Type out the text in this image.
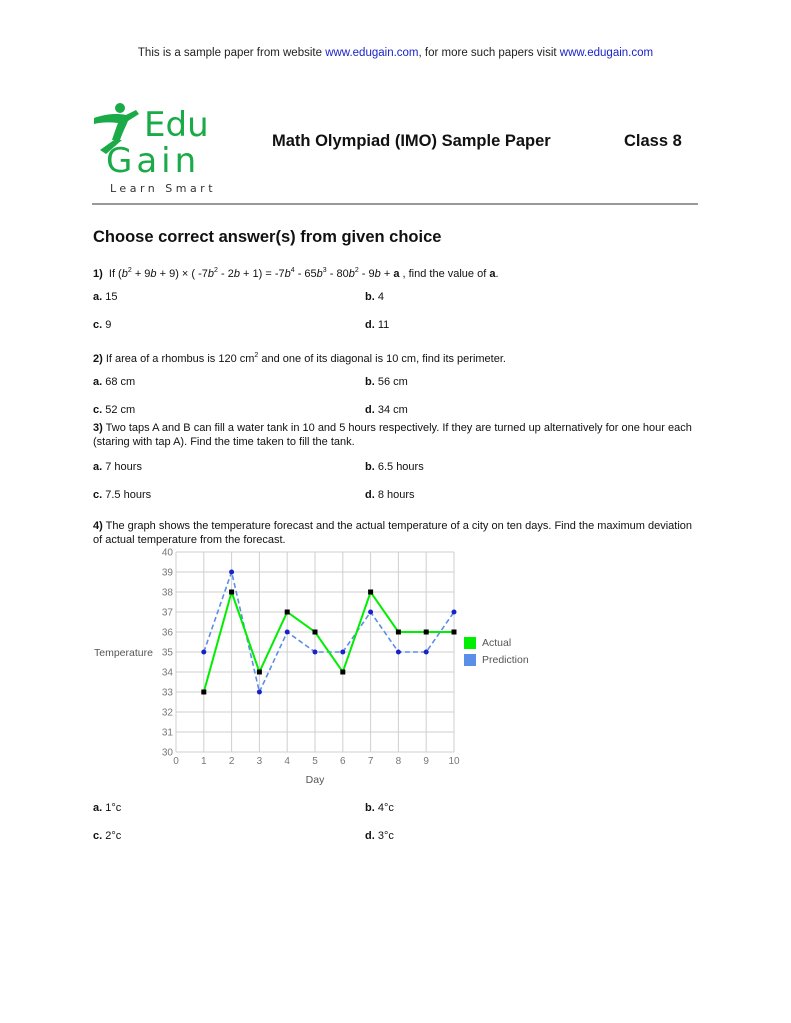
This is a sample paper from website www.edugain.com, for more such papers visit www.edugain.com
Edu
Gain
Learn Smart
Math Olympiad (IMO) Sample Paper	Class 8
Choose correct answer(s) from given choice
1)  If $(b^2 + 9b + 9)$ × ( $-7b^2 - 2b + 1) = -7b^4 - 65b^3 - 80b^2 - 9b + a$ , find the value of a.
a. 15	b. 4
c. 9	d. 11
2) If area of a rhombus is 120 $cm^2$ and one of its diagonal is 10 cm, find its perimeter.
a. 68 cm	b. 56 cm
c. 52 cm	d. 34 cm
3) Two taps A and B can fill a water tank in 10 and 5 hours respectively. If they are turned up alternatively for one hour each (staring with tap A). Find the time taken to fill the tank.
a. 7 hours	b. 6.5 hours
c. 7.5 hours	d. 8 hours
4) The graph shows the temperature forecast and the actual temperature of a city on ten days. Find the maximum deviation of actual temperature from the forecast.
30
31
32
33
34
35
36
37
38
39
40
0 1 2 3 4 5 6 7 8 9 10
Temperature
Day
Actual
Prediction
a. 1°c	b. 4°c
c. 2°c	d. 3°c
